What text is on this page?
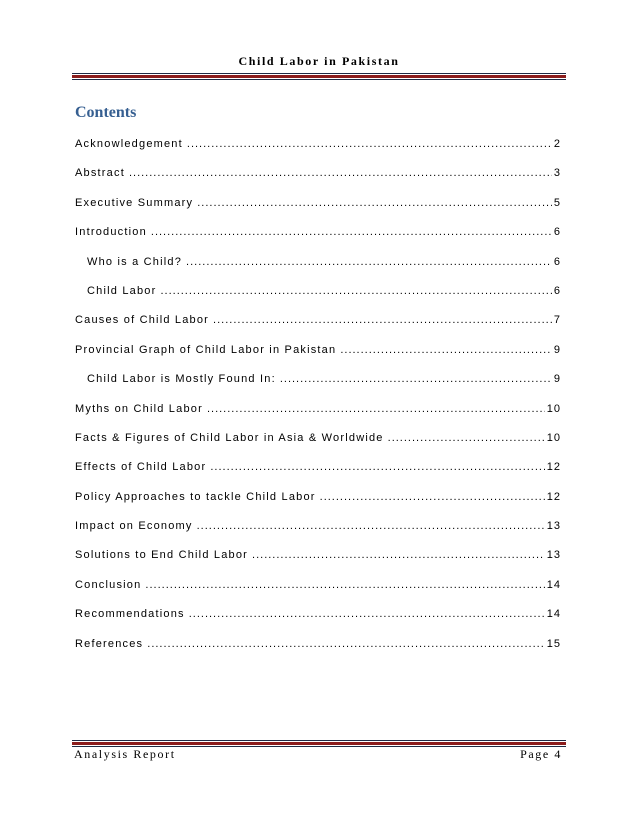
Child Labor in Pakistan
Contents
Acknowledgement .....	2
Abstract .....	3
Executive Summary .....	5
Introduction .....	6
Who is a Child? .....	6
Child Labor .....	6
Causes of Child Labor .....	7
Provincial Graph of Child Labor in Pakistan .....	9
Child Labor is Mostly Found In: .....	9
Myths on Child Labor .....	10
Facts & Figures of Child Labor in Asia & Worldwide .....	10
Effects of Child Labor .....	12
Policy Approaches to tackle Child Labor .....	12
Impact on Economy .....	13
Solutions to End Child Labor .....	13
Conclusion .....	14
Recommendations .....	14
References .....	15
Analysis Report	Page 4
